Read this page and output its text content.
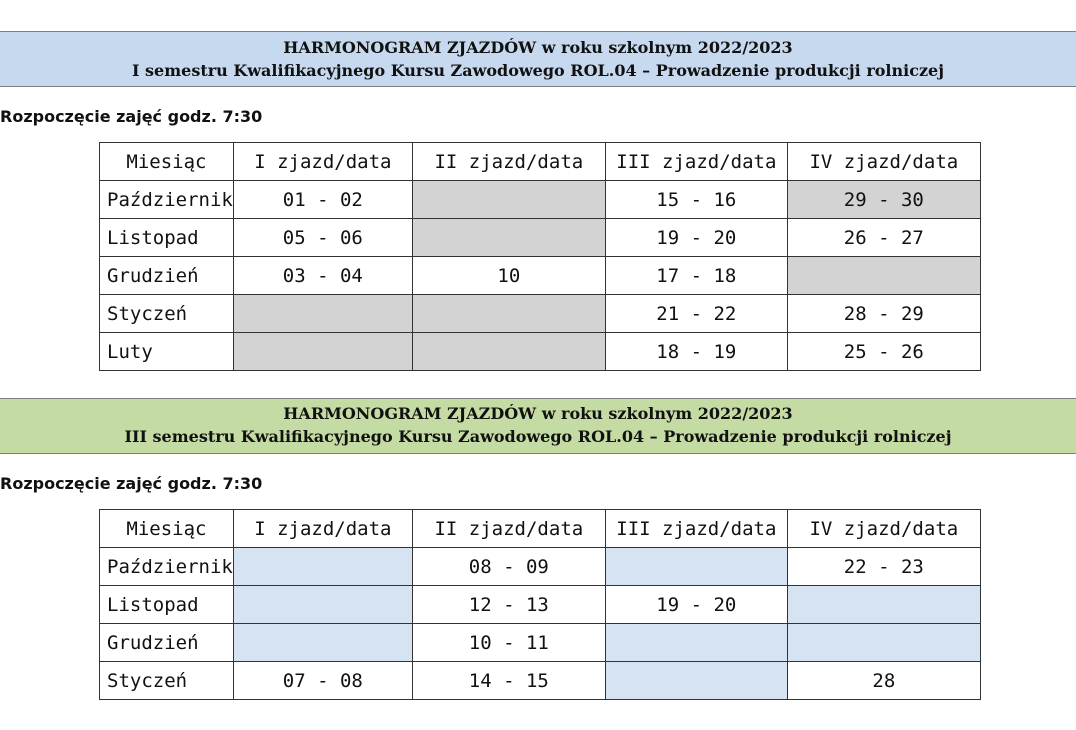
HARMONOGRAM ZJAZDÓW w roku szkolnym 2022/2023
I semestru Kwalifikacyjnego Kursu Zawodowego ROL.04 – Prowadzenie produkcji rolniczej
Rozpoczęcie zajęć godz. 7:30
Miesiąc	I zjazd/data	II zjazd/data	III zjazd/data	IV zjazd/data
Październik	01 - 02		15 - 16	29 - 30
Listopad	05 - 06		19 - 20	26 - 27
Grudzień	03 - 04	10	17 - 18	
Styczeń			21 - 22	28 - 29
Luty			18 - 19	25 - 26
HARMONOGRAM ZJAZDÓW w roku szkolnym 2022/2023
III semestru Kwalifikacyjnego Kursu Zawodowego ROL.04 – Prowadzenie produkcji rolniczej
Rozpoczęcie zajęć godz. 7:30
Miesiąc	I zjazd/data	II zjazd/data	III zjazd/data	IV zjazd/data
Październik		08 - 09		22 - 23
Listopad		12 - 13	19 - 20	
Grudzień		10 - 11		
Styczeń	07 - 08	14 - 15		28
